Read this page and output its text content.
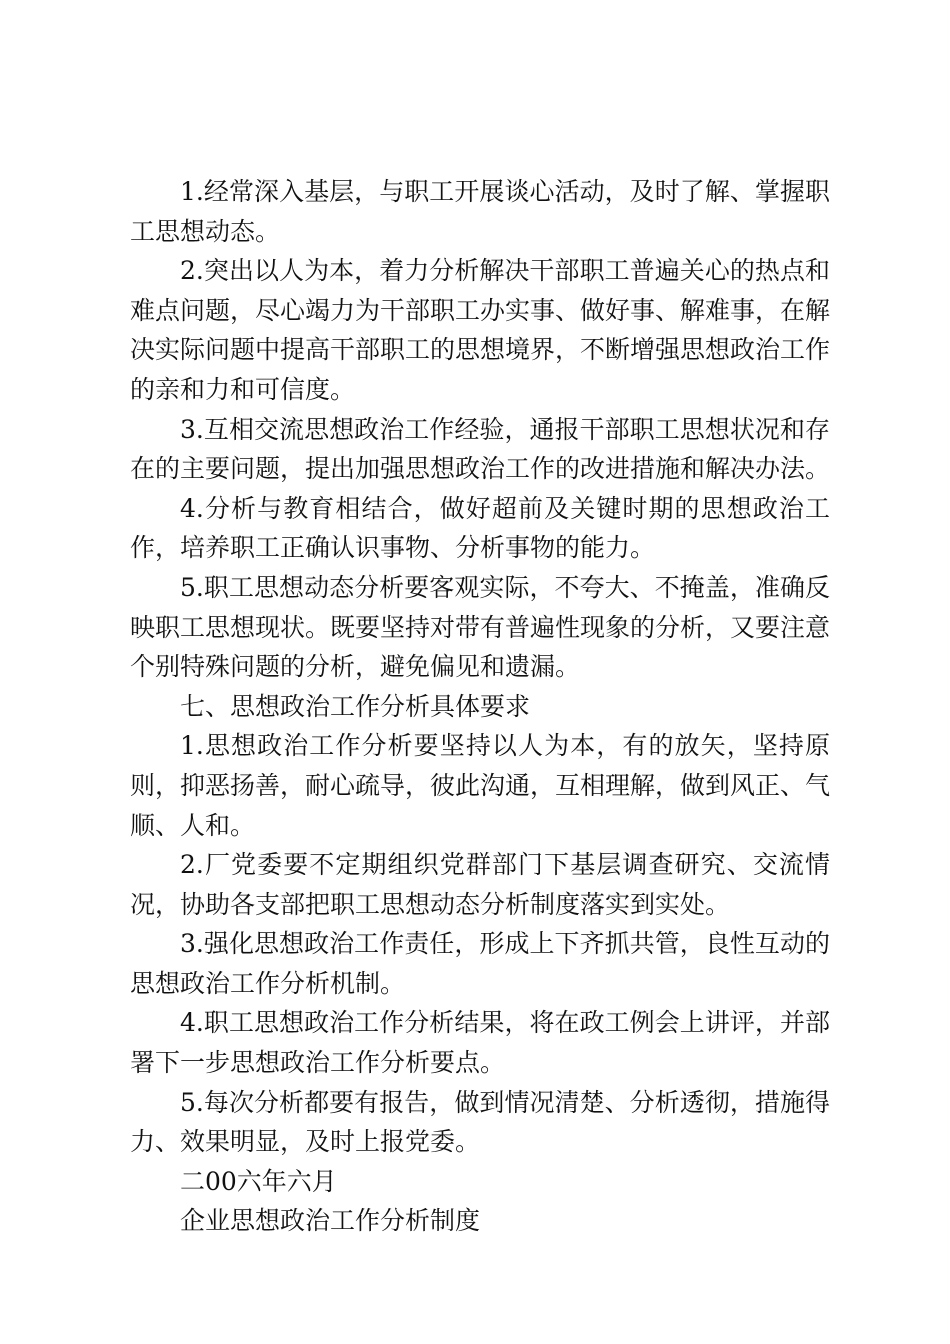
1.经常深入基层，与职工开展谈心活动，及时了解、掌握职工思想动态。

2.突出以人为本，着力分析解决干部职工普遍关心的热点和难点问题，尽心竭力为干部职工办实事、做好事、解难事，在解决实际问题中提高干部职工的思想境界，不断增强思想政治工作的亲和力和可信度。

3.互相交流思想政治工作经验，通报干部职工思想状况和存在的主要问题，提出加强思想政治工作的改进措施和解决办法。

4.分析与教育相结合，做好超前及关键时期的思想政治工作，培养职工正确认识事物、分析事物的能力。

5.职工思想动态分析要客观实际，不夸大、不掩盖，准确反映职工思想现状。既要坚持对带有普遍性现象的分析，又要注意个别特殊问题的分析，避免偏见和遗漏。

七、思想政治工作分析具体要求

1.思想政治工作分析要坚持以人为本，有的放矢，坚持原则，抑恶扬善，耐心疏导，彼此沟通，互相理解，做到风正、气顺、人和。

2.厂党委要不定期组织党群部门下基层调查研究、交流情况，协助各支部把职工思想动态分析制度落实到实处。

3.强化思想政治工作责任，形成上下齐抓共管，良性互动的思想政治工作分析机制。

4.职工思想政治工作分析结果，将在政工例会上讲评，并部署下一步思想政治工作分析要点。

5.每次分析都要有报告，做到情况清楚、分析透彻，措施得力、效果明显，及时上报党委。

二00六年六月

企业思想政治工作分析制度
